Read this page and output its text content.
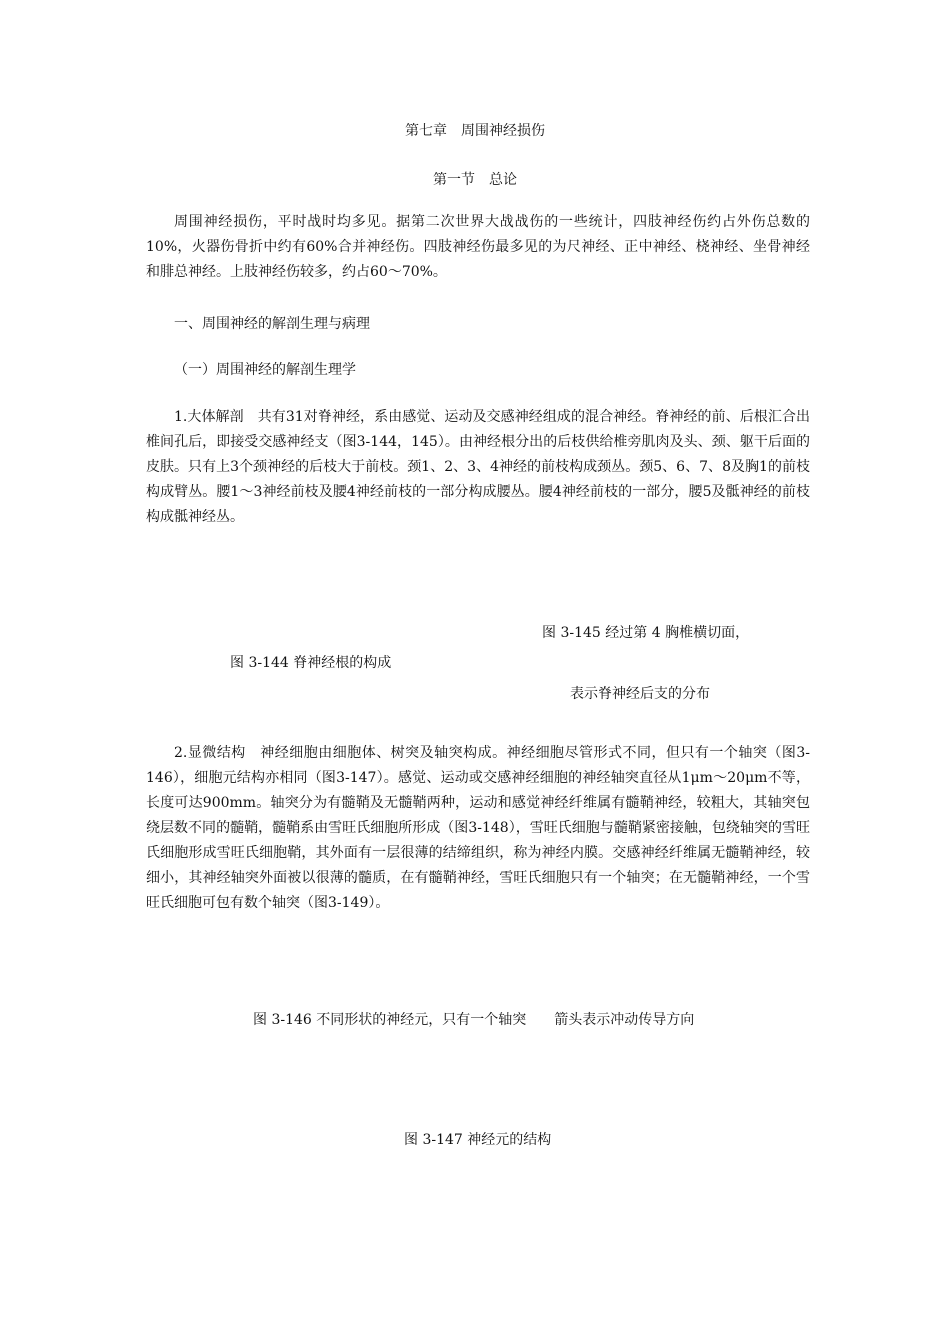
第七章　周围神经损伤
第一节　总论

周围神经损伤，平时战时均多见。据第二次世界大战战伤的一些统计，四肢神经伤约占外伤总数的10%，火器伤骨折中约有60%合并神经伤。四肢神经伤最多见的为尺神经、正中神经、桡神经、坐骨神经和腓总神经。上肢神经伤较多，约占60～70%。

一、周围神经的解剖生理与病理

（一）周围神经的解剖生理学

1.大体解剖　共有31对脊神经，系由感觉、运动及交感神经组成的混合神经。脊神经的前、后根汇合出椎间孔后，即接受交感神经支（图3-144，145）。由神经根分出的后枝供给椎旁肌肉及头、颈、躯干后面的皮肤。只有上3个颈神经的后枝大于前枝。颈1、2、3、4神经的前枝构成颈丛。颈5、6、7、8及胸1的前枝构成臂丛。腰1～3神经前枝及腰4神经前枝的一部分构成腰丛。腰4神经前枝的一部分，腰5及骶神经的前枝构成骶神经丛。

图 3-145 经过第 4 胸椎横切面，

图 3-144 脊神经根的构成

表示脊神经后支的分布

2.显微结构　神经细胞由细胞体、树突及轴突构成。神经细胞尽管形式不同，但只有一个轴突（图3-146），细胞元结构亦相同（图3-147）。感觉、运动或交感神经细胞的神经轴突直径从1μm～20μm不等，长度可达900mm。轴突分为有髓鞘及无髓鞘两种，运动和感觉神经纤维属有髓鞘神经，较粗大，其轴突包绕层数不同的髓鞘，髓鞘系由雪旺氏细胞所形成（图3-148），雪旺氏细胞与髓鞘紧密接触，包绕轴突的雪旺氏细胞形成雪旺氏细胞鞘，其外面有一层很薄的结缔组织，称为神经内膜。交感神经纤维属无髓鞘神经，较细小，其神经轴突外面被以很薄的髓质，在有髓鞘神经，雪旺氏细胞只有一个轴突；在无髓鞘神经，一个雪旺氏细胞可包有数个轴突（图3-149）。

图 3-146 不同形状的神经元，只有一个轴突　　箭头表示冲动传导方向

图 3-147 神经元的结构
